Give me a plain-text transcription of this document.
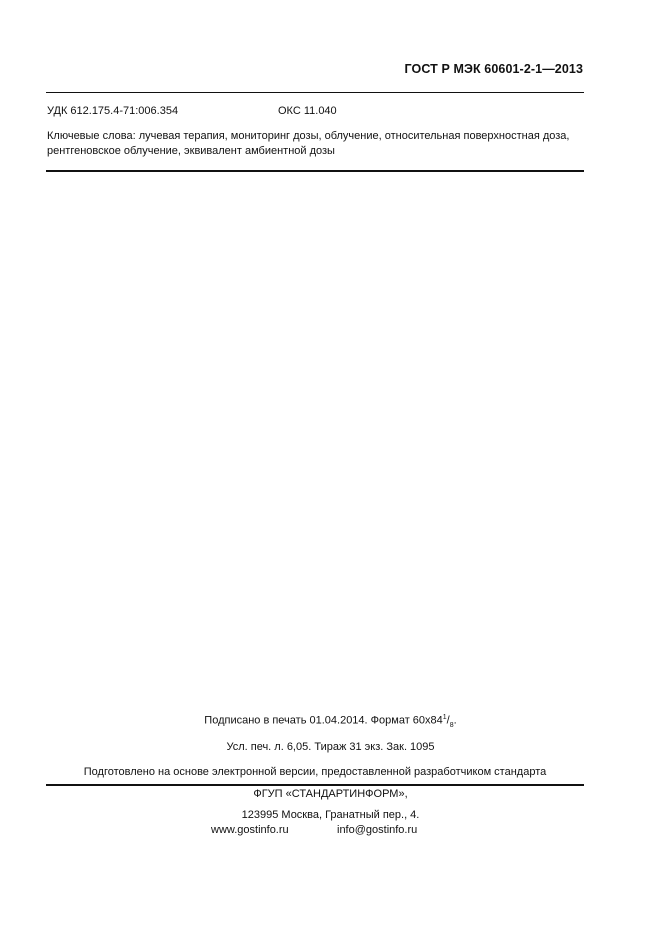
ГОСТ Р МЭК 60601-2-1—2013
УДК 612.175.4-71:006.354	ОКС 11.040
Ключевые слова: лучевая терапия, мониторинг дозы, облучение, относительная поверхностная доза,
рентгеновское облучение, эквивалент амбиентной дозы
Подписано в печать 01.04.2014. Формат $60x84^1/_8$.
Усл. печ. л. 6,05. Тираж 31 экз. Зак. 1095
Подготовлено на основе электронной версии, предоставленной разработчиком стандарта
ФГУП «СТАНДАРТИНФОРМ»,
123995 Москва, Гранатный пер., 4.
www.gostinfo.ru	info@gostinfo.ru
